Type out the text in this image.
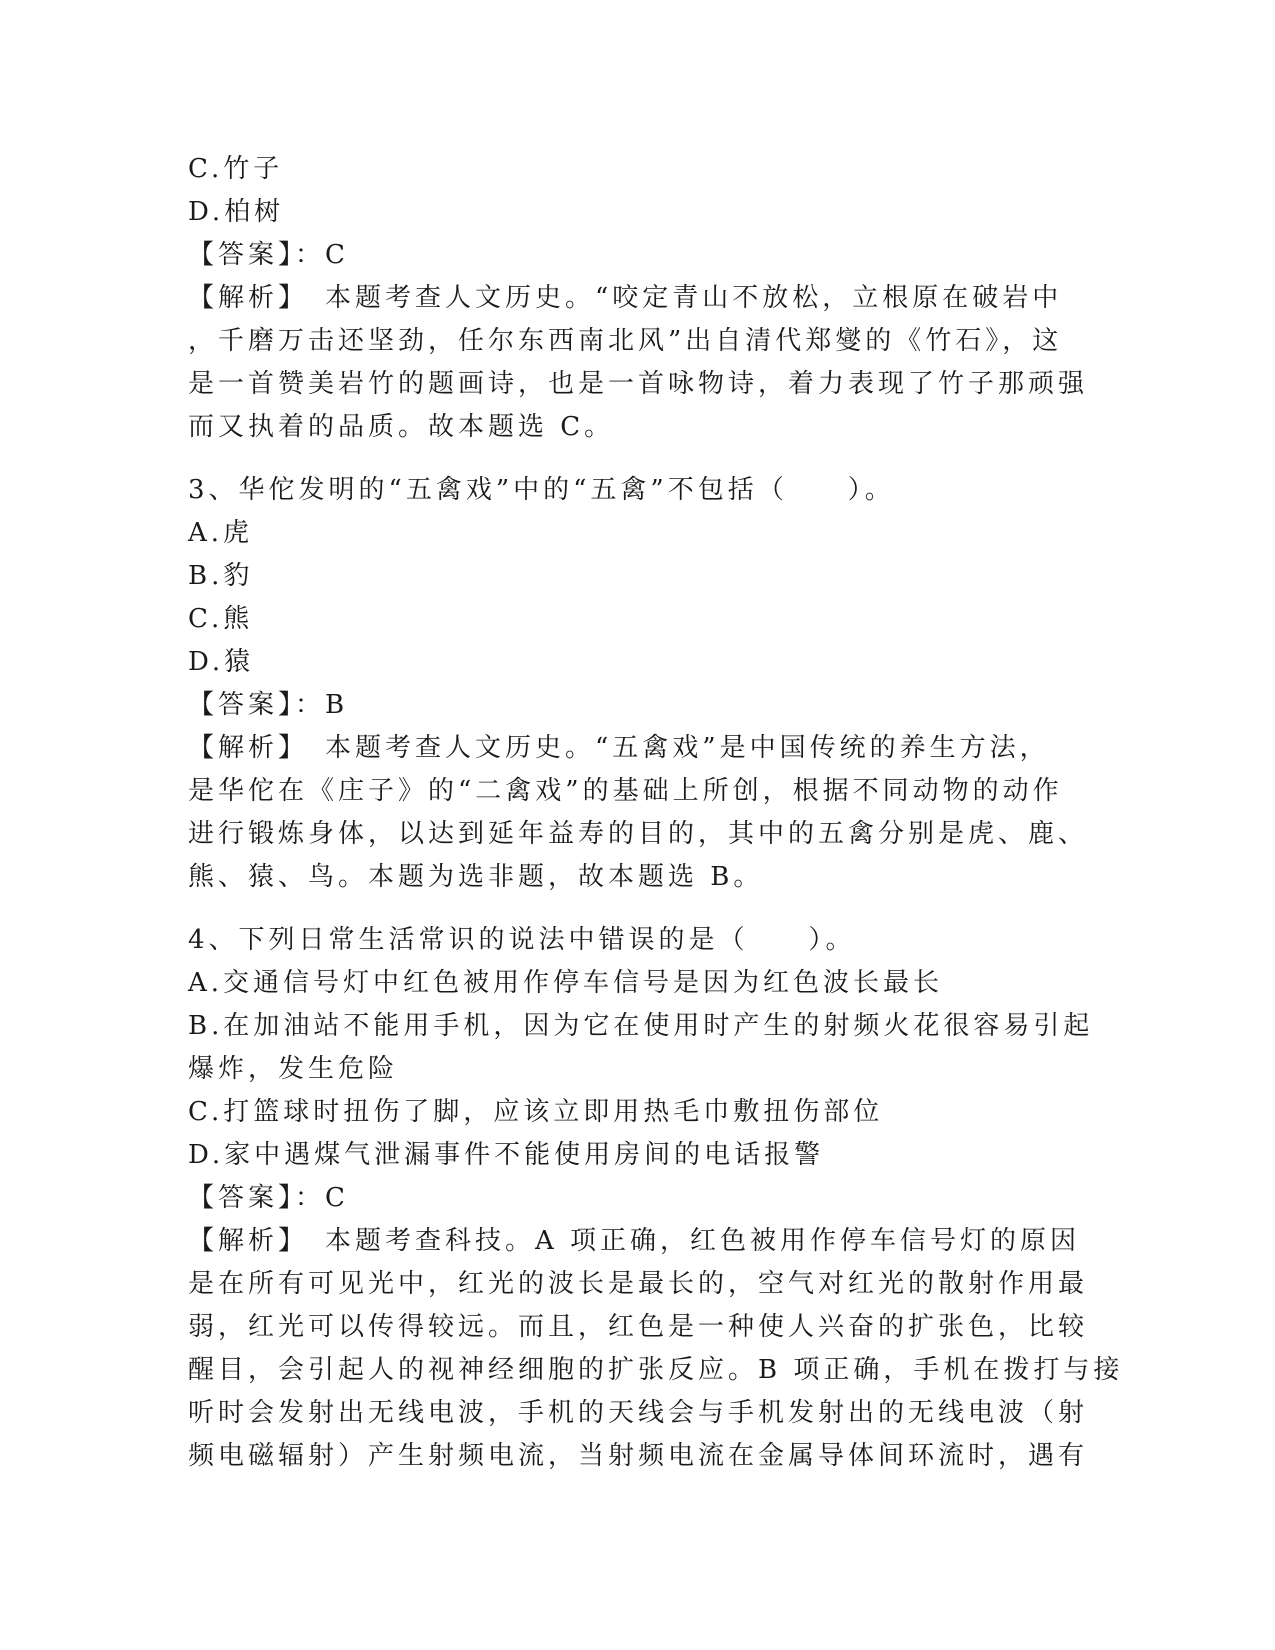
C.竹子

D.柏树

【答案】：C

【解析】　本题考查人文历史。“咬定青山不放松，立根原在破岩中

，千磨万击还坚劲，任尔东西南北风”出自清代郑燮的《竹石》，这

是一首赞美岩竹的题画诗，也是一首咏物诗，着力表现了竹子那顽强

而又执着的品质。故本题选 C。

3、华佗发明的“五禽戏”中的“五禽”不包括（　　）。

A.虎

B.豹

C.熊

D.猿

【答案】：B

【解析】　本题考查人文历史。“五禽戏”是中国传统的养生方法，

是华佗在《庄子》的“二禽戏”的基础上所创，根据不同动物的动作

进行锻炼身体，以达到延年益寿的目的，其中的五禽分别是虎、鹿、

熊、猿、鸟。本题为选非题，故本题选 B。

4、下列日常生活常识的说法中错误的是（　　）。

A.交通信号灯中红色被用作停车信号是因为红色波长最长

B.在加油站不能用手机，因为它在使用时产生的射频火花很容易引起

爆炸，发生危险

C.打篮球时扭伤了脚，应该立即用热毛巾敷扭伤部位

D.家中遇煤气泄漏事件不能使用房间的电话报警

【答案】：C

【解析】　本题考查科技。A 项正确，红色被用作停车信号灯的原因

是在所有可见光中，红光的波长是最长的，空气对红光的散射作用最

弱，红光可以传得较远。而且，红色是一种使人兴奋的扩张色，比较

醒目，会引起人的视神经细胞的扩张反应。B 项正确，手机在拨打与接

听时会发射出无线电波，手机的天线会与手机发射出的无线电波（射

频电磁辐射）产生射频电流，当射频电流在金属导体间环流时，遇有
